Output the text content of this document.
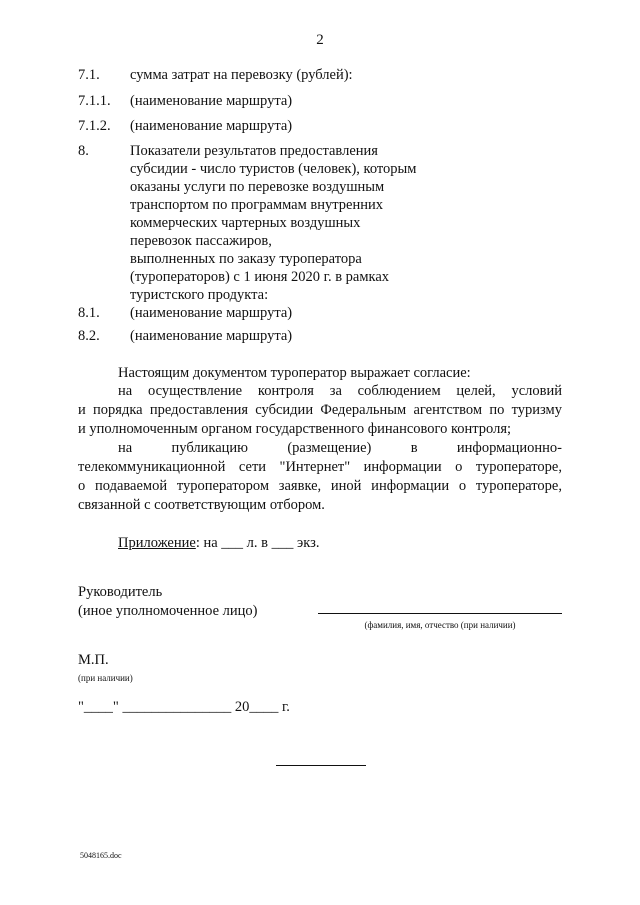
2
7.1. сумма затрат на перевозку (рублей):
7.1.1. (наименование маршрута)
7.1.2. (наименование маршрута)
8.	Показатели результатов предоставления
субсидии - число туристов (человек), которым
оказаны услуги по перевозке воздушным
транспортом по программам внутренних
коммерческих чартерных воздушных
перевозок пассажиров,
выполненных по заказу туроператора
(туроператоров) с 1 июня 2020 г. в рамках
туристского продукта:
8.1. (наименование маршрута)
8.2. (наименование маршрута)
Настоящим документом туроператор выражает согласие:
на осуществление контроля за соблюдением целей, условий
и порядка предоставления субсидии Федеральным агентством по туризму
и уполномоченным органом государственного финансового контроля;
на публикацию (размещение) в информационно-
телекоммуникационной сети "Интернет" информации о туроператоре,
о подаваемой туроператором заявке, иной информации о туроператоре,
связанной с соответствующим отбором.
Приложение: на ___ л. в ___ экз.
Руководитель
(иное уполномоченное лицо)
(фамилия, имя, отчество (при наличии)
М.П.
(при наличии)
"____" _______________ 20____ г.
5048165.doc
